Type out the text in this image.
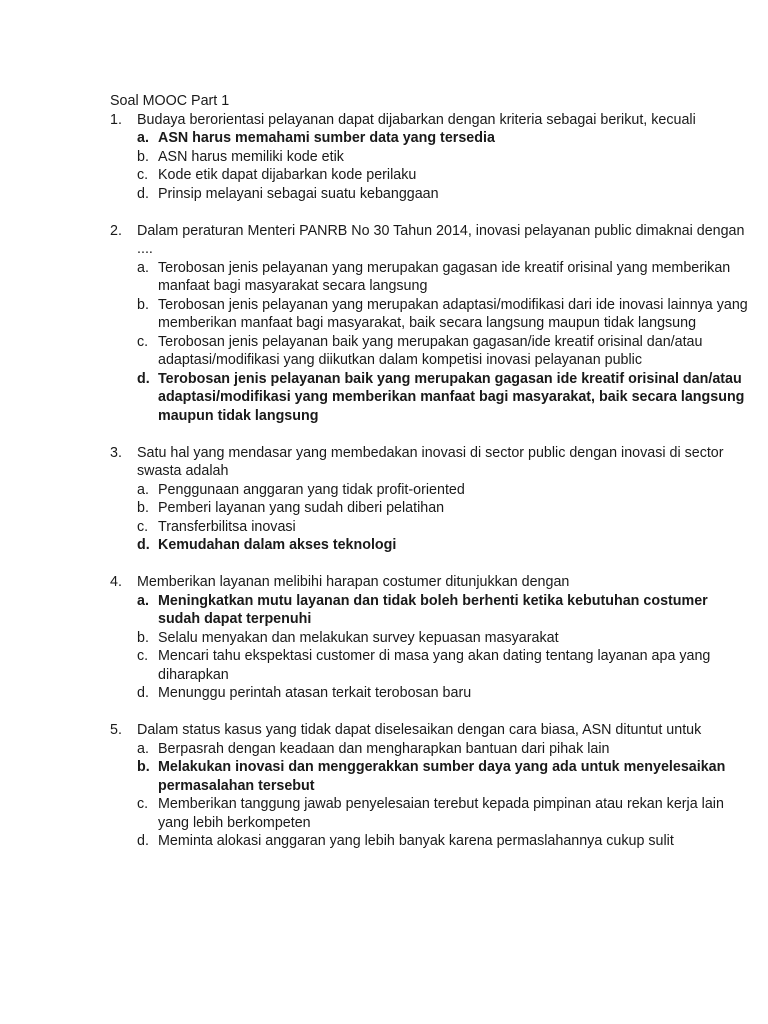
Soal MOOC Part 1
1.	Budaya berorientasi pelayanan dapat dijabarkan dengan kriteria sebagai berikut, kecuali
a. ASN harus memahami sumber data yang tersedia
b. ASN harus memiliki kode etik
c. Kode etik dapat dijabarkan kode perilaku
d. Prinsip melayani sebagai suatu kebanggaan
2.	Dalam peraturan Menteri PANRB No 30 Tahun 2014, inovasi pelayanan public dimaknai dengan ....
a. Terobosan jenis pelayanan yang merupakan gagasan ide kreatif orisinal yang memberikan manfaat bagi masyarakat secara langsung
b. Terobosan jenis pelayanan yang merupakan adaptasi/modifikasi dari ide inovasi lainnya yang memberikan manfaat bagi masyarakat, baik secara langsung maupun tidak langsung
c. Terobosan jenis pelayanan baik yang merupakan gagasan/ide kreatif orisinal dan/atau adaptasi/modifikasi yang diikutkan dalam kompetisi inovasi pelayanan public
d. Terobosan jenis pelayanan baik yang merupakan gagasan ide kreatif orisinal dan/atau adaptasi/modifikasi yang memberikan manfaat bagi masyarakat, baik secara langsung maupun tidak langsung
3.	Satu hal yang mendasar yang membedakan inovasi di sector public dengan inovasi di sector swasta adalah
a. Penggunaan anggaran yang tidak profit-oriented
b. Pemberi layanan yang sudah diberi pelatihan
c. Transferbilitsa inovasi
d. Kemudahan dalam akses teknologi
4.	Memberikan layanan melibihi harapan costumer ditunjukkan dengan
a. Meningkatkan mutu layanan dan tidak boleh berhenti ketika kebutuhan costumer sudah dapat terpenuhi
b. Selalu menyakan dan melakukan survey kepuasan masyarakat
c. Mencari tahu ekspektasi customer di masa yang akan dating tentang layanan apa yang diharapkan
d. Menunggu perintah atasan terkait terobosan baru
5.	Dalam status kasus yang tidak dapat diselesaikan dengan cara biasa, ASN dituntut untuk
a. Berpasrah dengan keadaan dan mengharapkan bantuan dari pihak lain
b. Melakukan inovasi dan menggerakkan sumber daya yang ada untuk menyelesaikan permasalahan tersebut
c. Memberikan tanggung jawab penyelesaian terebut kepada pimpinan atau rekan kerja lain yang lebih berkompeten
d. Meminta alokasi anggaran yang lebih banyak karena permaslahannya cukup sulit
